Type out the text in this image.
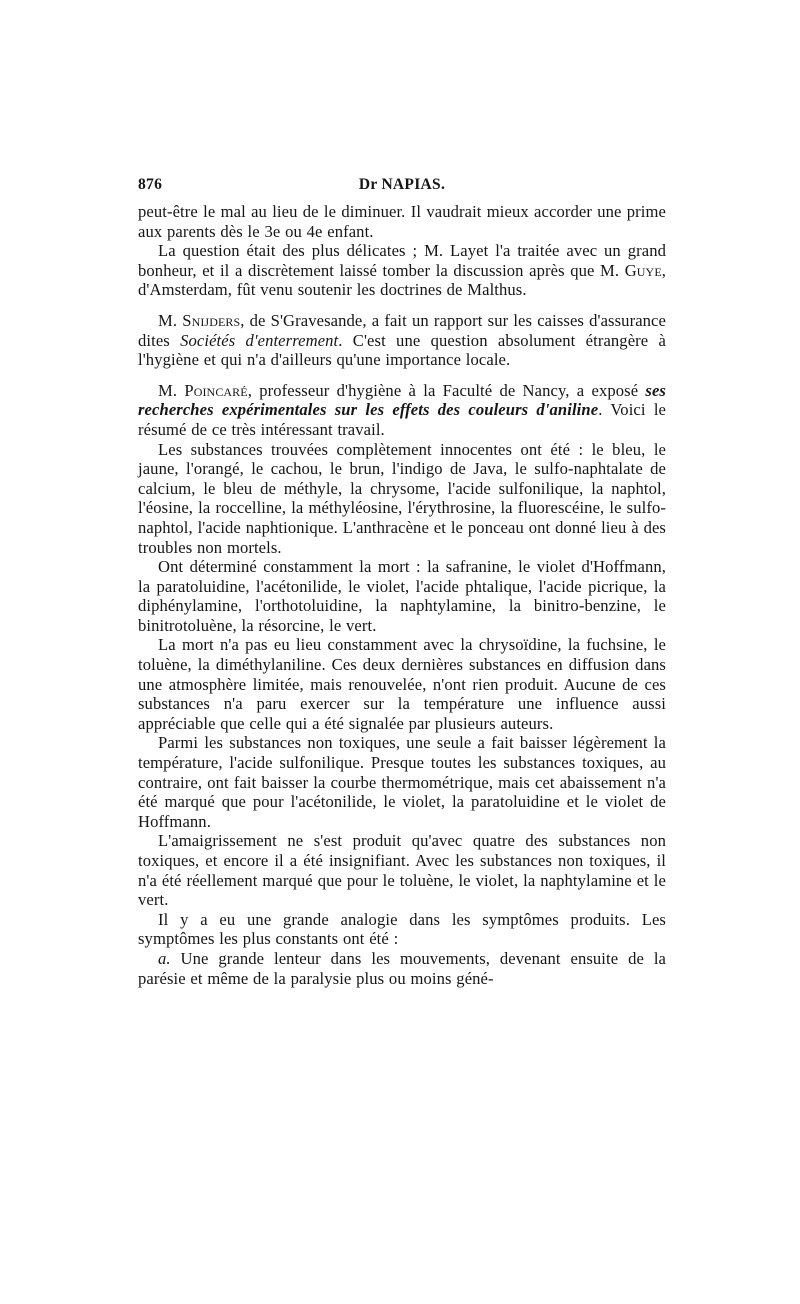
876	Dr NAPIAS.

peut-être le mal au lieu de le diminuer. Il vaudrait mieux accorder une prime aux parents dès le 3e ou 4e enfant.

La question était des plus délicates ; M. Layet l'a traitée avec un grand bonheur, et il a discrètement laissé tomber la discussion après que M. Guye, d'Amsterdam, fût venu soutenir les doctrines de Malthus.

M. Snijders, de S'Gravesande, a fait un rapport sur les caisses d'assurance dites Sociétés d'enterrement. C'est une question absolument étrangère à l'hygiène et qui n'a d'ailleurs qu'une importance locale.

M. Poincaré, professeur d'hygiène à la Faculté de Nancy, a exposé ses recherches expérimentales sur les effets des couleurs d'aniline. Voici le résumé de ce très intéressant travail.

Les substances trouvées complètement innocentes ont été : le bleu, le jaune, l'orangé, le cachou, le brun, l'indigo de Java, le sulfo-naphtalate de calcium, le bleu de méthyle, la chrysome, l'acide sulfonilique, la naphtol, l'éosine, la roccelline, la méthyléosine, l'érythrosine, la fluorescéine, le sulfo-naphtol, l'acide naphtionique. L'anthracène et le ponceau ont donné lieu à des troubles non mortels.

Ont déterminé constamment la mort : la safranine, le violet d'Hoffmann, la paratoluidine, l'acétonilide, le violet, l'acide phtalique, l'acide picrique, la diphénylamine, l'orthotoluidine, la naphtylamine, la binitro-benzine, le binitrotoluène, la résorcine, le vert.

La mort n'a pas eu lieu constamment avec la chrysoïdine, la fuchsine, le toluène, la diméthylaniline. Ces deux dernières substances en diffusion dans une atmosphère limitée, mais renouvelée, n'ont rien produit. Aucune de ces substances n'a paru exercer sur la température une influence aussi appréciable que celle qui a été signalée par plusieurs auteurs.

Parmi les substances non toxiques, une seule a fait baisser légèrement la température, l'acide sulfonilique. Presque toutes les substances toxiques, au contraire, ont fait baisser la courbe thermométrique, mais cet abaissement n'a été marqué que pour l'acétonilide, le violet, la paratoluidine et le violet de Hoffmann.

L'amaigrissement ne s'est produit qu'avec quatre des substances non toxiques, et encore il a été insignifiant. Avec les substances non toxiques, il n'a été réellement marqué que pour le toluène, le violet, la naphtylamine et le vert.

Il y a eu une grande analogie dans les symptômes produits. Les symptômes les plus constants ont été :

a. Une grande lenteur dans les mouvements, devenant ensuite de la parésie et même de la paralysie plus ou moins géné-
